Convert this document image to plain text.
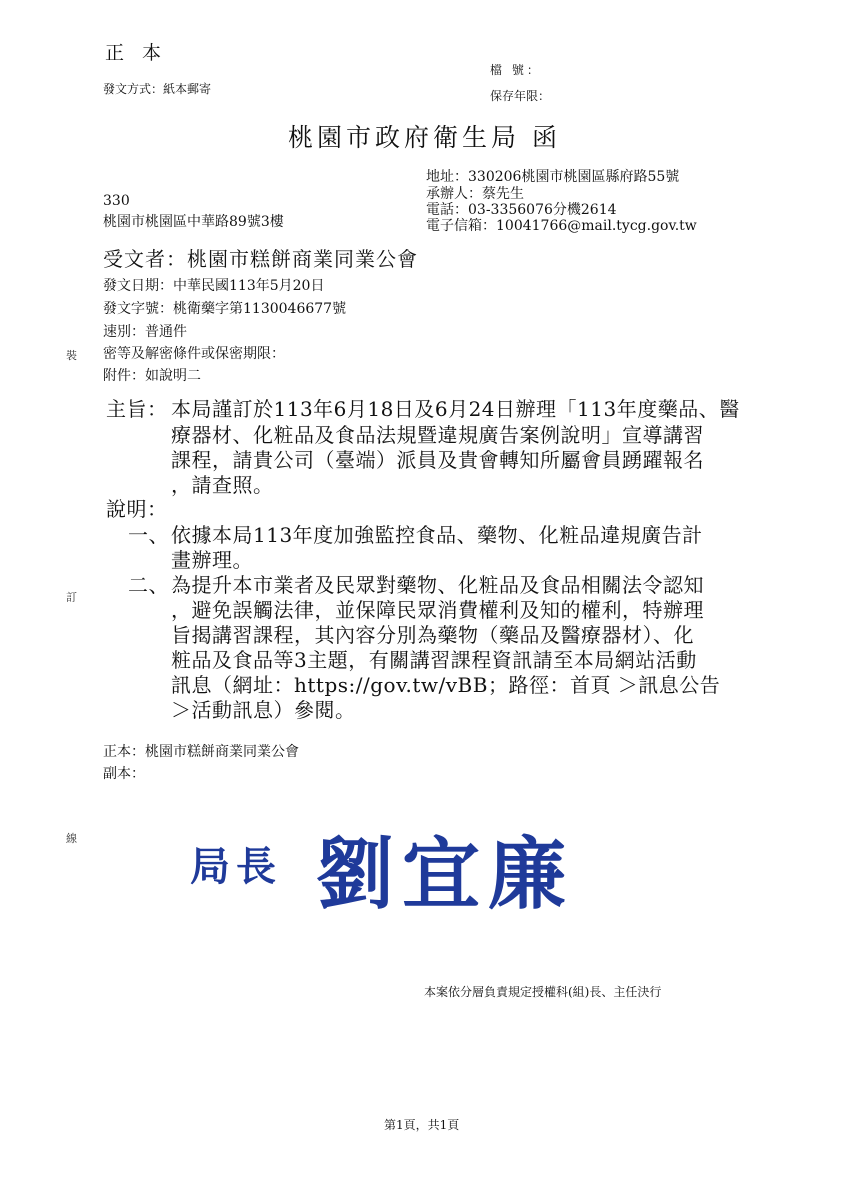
正 本
發文方式：紙本郵寄
檔 號：
保存年限：
桃園市政府衛生局 函
地址：330206桃園市桃園區縣府路55號
承辦人：蔡先生
電話：03-3356076分機2614
電子信箱：10041766@mail.tycg.gov.tw
330
桃園市桃園區中華路89號3樓
受文者：桃園市糕餅商業同業公會
發文日期：中華民國113年5月20日
發文字號：桃衛藥字第1130046677號
速別：普通件
密等及解密條件或保密期限：
附件：如說明二
裝
訂
線
主旨： 本局謹訂於113年6月18日及6月24日辦理「113年度藥品、醫
療器材、化粧品及食品法規暨違規廣告案例說明」宣導講習
課程，請貴公司（臺端）派員及貴會轉知所屬會員踴躍報名
，請查照。
說明：
一、 依據本局113年度加強監控食品、藥物、化粧品違規廣告計
畫辦理。
二、 為提升本市業者及民眾對藥物、化粧品及食品相關法令認知
，避免誤觸法律，並保障民眾消費權利及知的權利，特辦理
旨揭講習課程，其內容分別為藥物（藥品及醫療器材）、化
粧品及食品等3主題，有關講習課程資訊請至本局網站活動
訊息（網址：https://gov.tw/vBB；路徑：首頁 ＞訊息公告
＞活動訊息）參閱。
正本：桃園市糕餅商業同業公會
副本：
局長 劉宜廉
本案依分層負責規定授權科(組)長、主任決行
第1頁，共1頁
